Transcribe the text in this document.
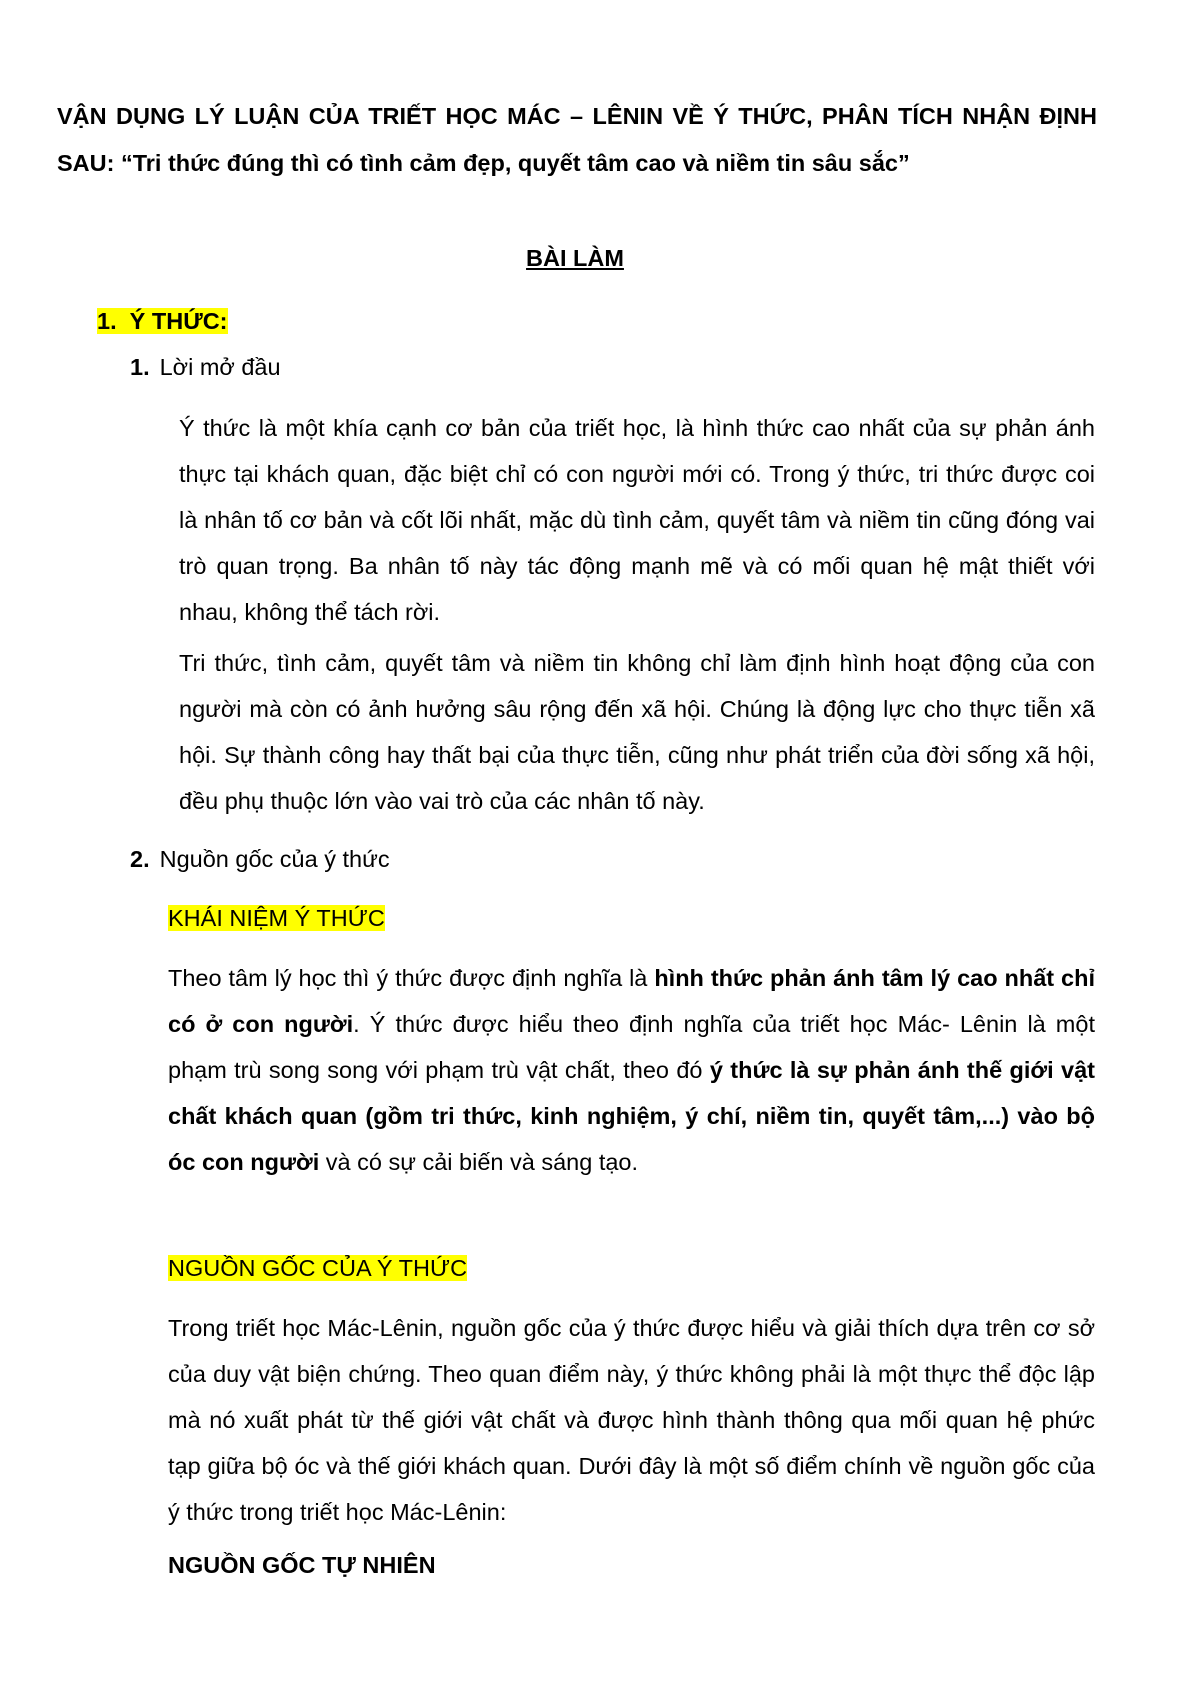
VẬN DỤNG LÝ LUẬN CỦA TRIẾT HỌC MÁC – LÊNIN VỀ Ý THỨC, PHÂN TÍCH NHẬN ĐỊNH SAU: “Tri thức đúng thì có tình cảm đẹp, quyết tâm cao và niềm tin sâu sắc”

BÀI LÀM

1. Ý THỨC:

1. Lời mở đầu

Ý thức là một khía cạnh cơ bản của triết học, là hình thức cao nhất của sự phản ánh thực tại khách quan, đặc biệt chỉ có con người mới có. Trong ý thức, tri thức được coi là nhân tố cơ bản và cốt lõi nhất, mặc dù tình cảm, quyết tâm và niềm tin cũng đóng vai trò quan trọng. Ba nhân tố này tác động mạnh mẽ và có mối quan hệ mật thiết với nhau, không thể tách rời.

Tri thức, tình cảm, quyết tâm và niềm tin không chỉ làm định hình hoạt động của con người mà còn có ảnh hưởng sâu rộng đến xã hội. Chúng là động lực cho thực tiễn xã hội. Sự thành công hay thất bại của thực tiễn, cũng như phát triển của đời sống xã hội, đều phụ thuộc lớn vào vai trò của các nhân tố này.

2. Nguồn gốc của ý thức

KHÁI NIỆM Ý THỨC

Theo tâm lý học thì ý thức được định nghĩa là hình thức phản ánh tâm lý cao nhất chỉ có ở con người. Ý thức được hiểu theo định nghĩa của triết học Mác- Lênin là một phạm trù song song với phạm trù vật chất, theo đó ý thức là sự phản ánh thế giới vật chất khách quan (gồm tri thức, kinh nghiệm, ý chí, niềm tin, quyết tâm,...) vào bộ óc con người và có sự cải biến và sáng tạo.

NGUỒN GỐC CỦA Ý THỨC

Trong triết học Mác-Lênin, nguồn gốc của ý thức được hiểu và giải thích dựa trên cơ sở của duy vật biện chứng. Theo quan điểm này, ý thức không phải là một thực thể độc lập mà nó xuất phát từ thế giới vật chất và được hình thành thông qua mối quan hệ phức tạp giữa bộ óc và thế giới khách quan. Dưới đây là một số điểm chính về nguồn gốc của ý thức trong triết học Mác-Lênin:

NGUỒN GỐC TỰ NHIÊN
